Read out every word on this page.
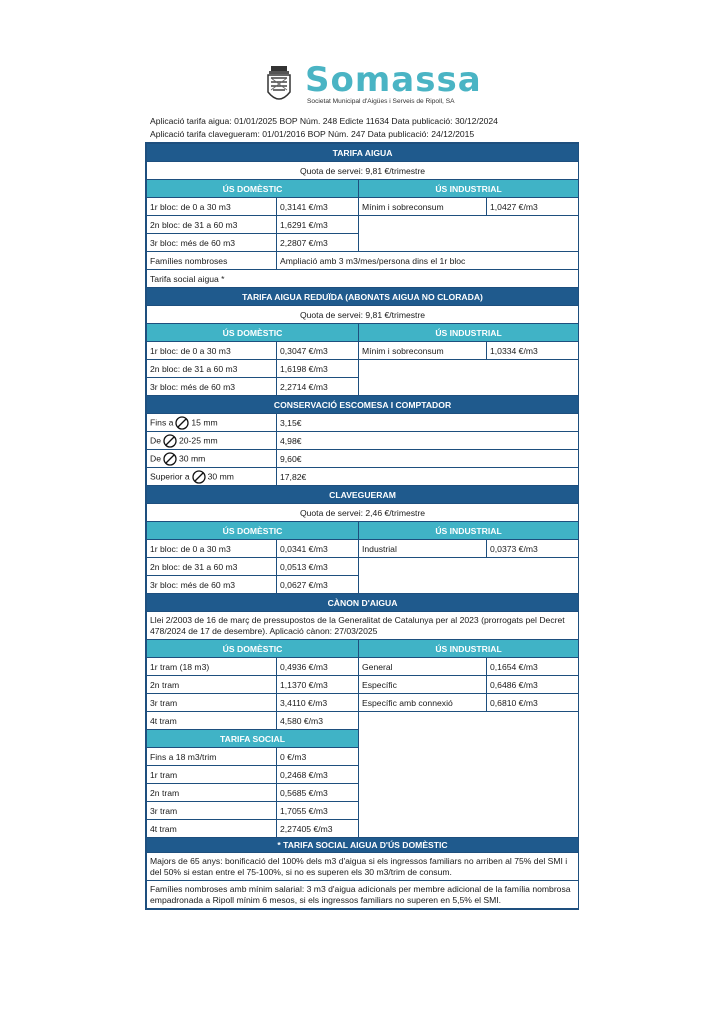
Somassa
Societat Municipal d'Aigües i Serveis de Ripoll, SA
Aplicació tarifa aigua: 01/01/2025 BOP Núm. 248 Edicte 11634 Data publicació: 30/12/2024
Aplicació tarifa clavegueram: 01/01/2016 BOP Núm. 247 Data publicació: 24/12/2015
TARIFA AIGUA			
Quota de servei: 9,81 €/trimestre			
ÚS DOMÈSTIC		ÚS INDUSTRIAL	
1r bloc: de 0 a 30 m3	0,3141 €/m3	Mínim i sobreconsum	1,0427 €/m3
2n bloc: de 31 a 60 m3	1,6291 €/m3		
3r bloc: més de 60 m3	2,2807 €/m3		
Famílies nombroses	Ampliació amb 3 m3/mes/persona dins el 1r bloc		
Tarifa social aigua *			
TARIFA AIGUA REDUÏDA (ABONATS AIGUA NO CLORADA)			
Quota de servei: 9,81 €/trimestre			
ÚS DOMÈSTIC		ÚS INDUSTRIAL	
1r bloc: de 0 a 30 m3	0,3047 €/m3	Mínim i sobreconsum	1,0334 €/m3
2n bloc: de 31 a 60 m3	1,6198 €/m3		
3r bloc: més de 60 m3	2,2714 €/m3		
CONSERVACIÓ ESCOMESA I COMPTADOR			
Fins a 15 mm	3,15€		
De 20-25 mm	4,98€		
De 30 mm	9,60€		
Superior a 30 mm	17,82€		
CLAVEGUERAM			
Quota de servei: 2,46 €/trimestre			
ÚS DOMÈSTIC		ÚS INDUSTRIAL	
1r bloc: de 0 a 30 m3	0,0341 €/m3	Industrial	0,0373 €/m3
2n bloc: de 31 a 60 m3	0,0513 €/m3		
3r bloc: més de 60 m3	0,0627 €/m3		
CÀNON D'AIGUA			
Llei 2/2003 de 16 de març de pressupostos de la Generalitat de Catalunya per al 2023 (prorrogats pel Decret 478/2024 de 17 de desembre). Aplicació cànon: 27/03/2025			
ÚS DOMÈSTIC		ÚS INDUSTRIAL	
1r tram (18 m3)	0,4936 €/m3	General	0,1654 €/m3
2n tram	1,1370 €/m3	Específic	0,6486 €/m3
3r tram	3,4110 €/m3	Específic amb connexió	0,6810 €/m3
4t tram	4,580 €/m3		
TARIFA SOCIAL			
Fins a 18 m3/trim	0 €/m3		
1r tram	0,2468 €/m3		
2n tram	0,5685 €/m3		
3r tram	1,7055 €/m3		
4t tram	2,27405 €/m3		
* TARIFA SOCIAL AIGUA D'ÚS DOMÈSTIC			
Majors de 65 anys: bonificació del 100% dels m3 d'aigua si els ingressos familiars no arriben al 75% del SMI i del 50% si estan entre el 75-100%, si no es superen els 30 m3/trim de consum.			
Famílies nombroses amb mínim salarial: 3 m3 d'aigua adicionals per membre adicional de la família nombrosa empadronada a Ripoll mínim 6 mesos, si els ingressos familiars no superen en 5,5% el SMI.			
